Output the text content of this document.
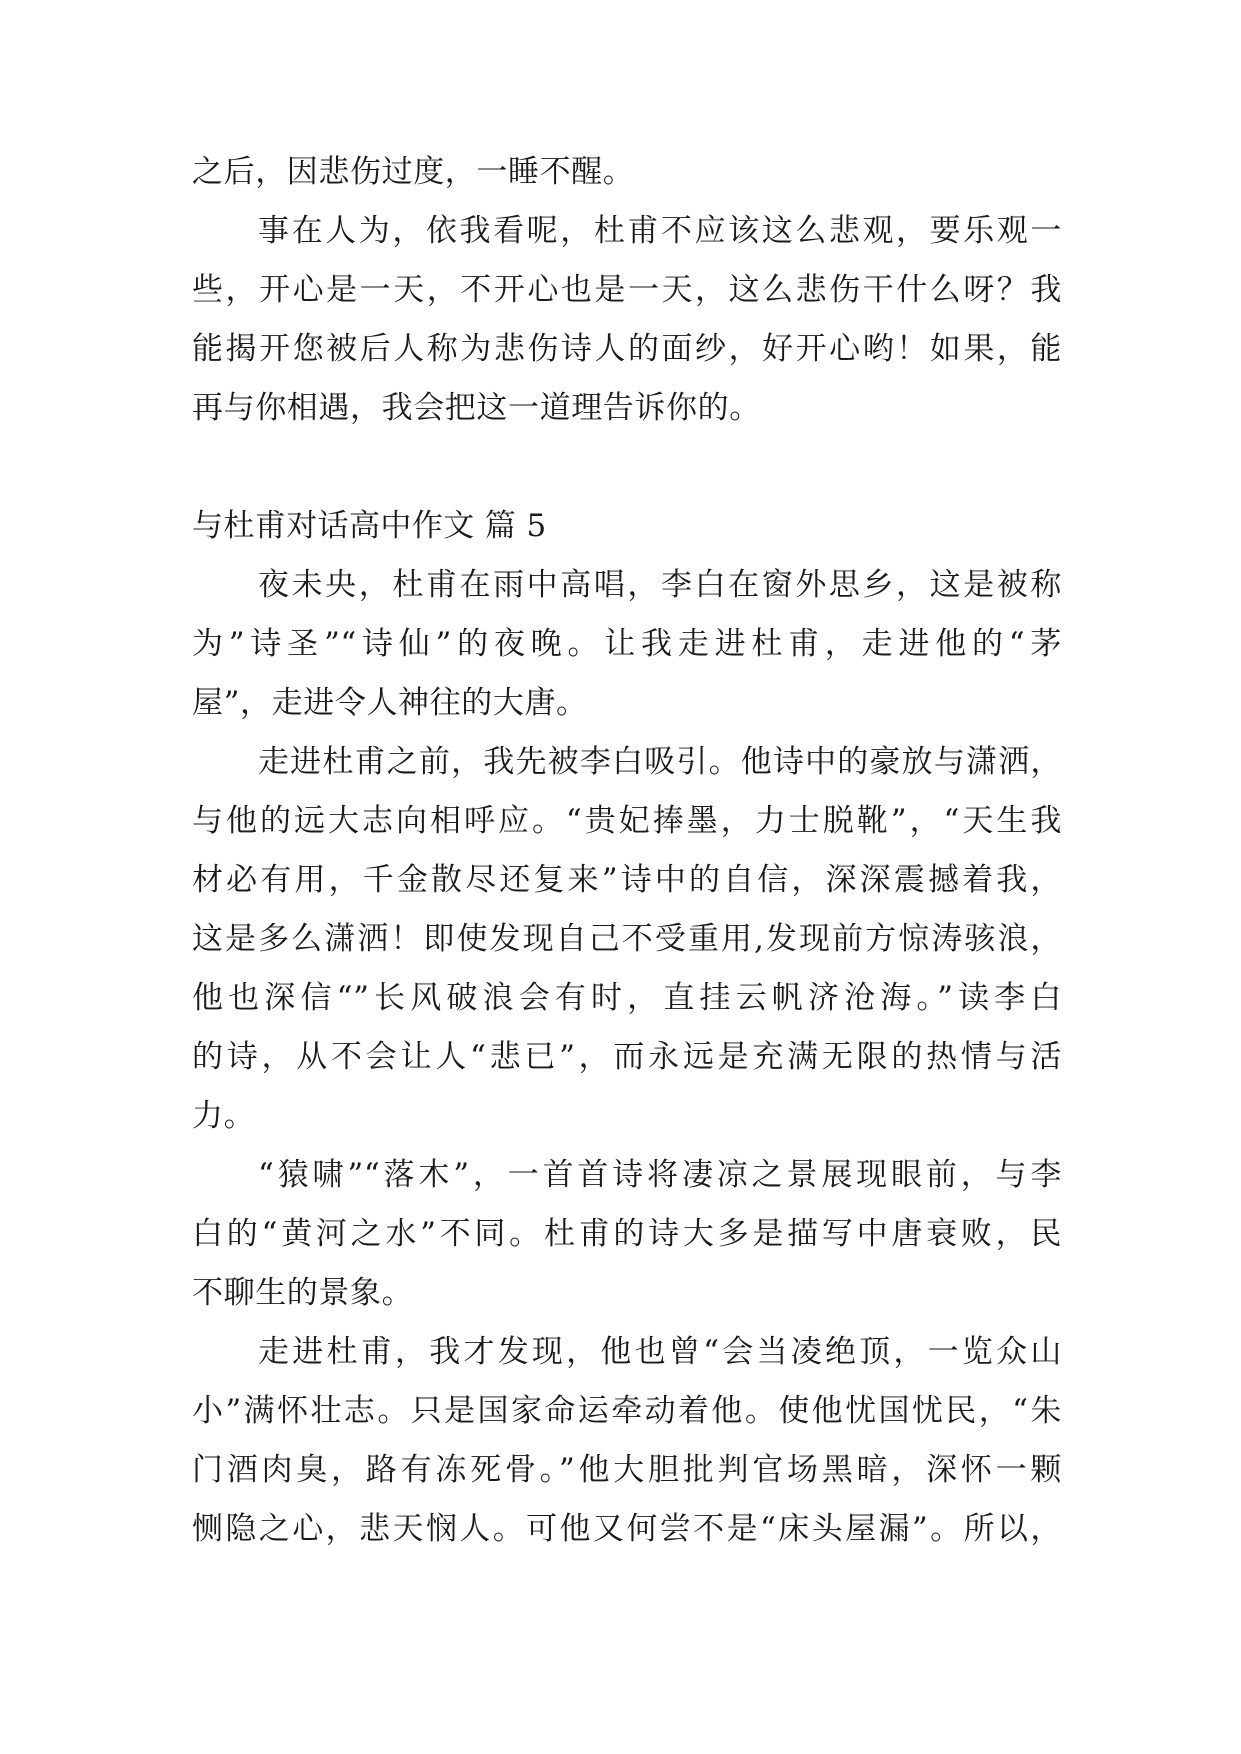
之后，因悲伤过度，一睡不醒。
事在人为，依我看呢，杜甫不应该这么悲观，要乐观一
些，开心是一天，不开心也是一天，这么悲伤干什么呀？我
能揭开您被后人称为悲伤诗人的面纱，好开心哟！如果，能
再与你相遇，我会把这一道理告诉你的。
与杜甫对话高中作文 篇 5
夜未央，杜甫在雨中高唱，李白在窗外思乡，这是被称
为”诗圣”“诗仙”的夜晚。让我走进杜甫，走进他的“茅
屋”，走进令人神往的大唐。
走进杜甫之前，我先被李白吸引。他诗中的豪放与潇洒，
与他的远大志向相呼应。“贵妃捧墨，力士脱靴”，“天生我
材必有用，千金散尽还复来”诗中的自信，深深震撼着我，
这是多么潇洒！即使发现自己不受重用,发现前方惊涛骇浪，
他也深信“”长风破浪会有时，直挂云帆济沧海。”读李白
的诗，从不会让人“悲已”，而永远是充满无限的热情与活
力。
“猿啸”“落木”，一首首诗将凄凉之景展现眼前，与李
白的“黄河之水”不同。杜甫的诗大多是描写中唐衰败，民
不聊生的景象。
走进杜甫，我才发现，他也曾“会当凌绝顶，一览众山
小”满怀壮志。只是国家命运牵动着他。使他忧国忧民，“朱
门酒肉臭，路有冻死骨。”他大胆批判官场黑暗，深怀一颗
恻隐之心，悲天悯人。可他又何尝不是“床头屋漏”。所以，
